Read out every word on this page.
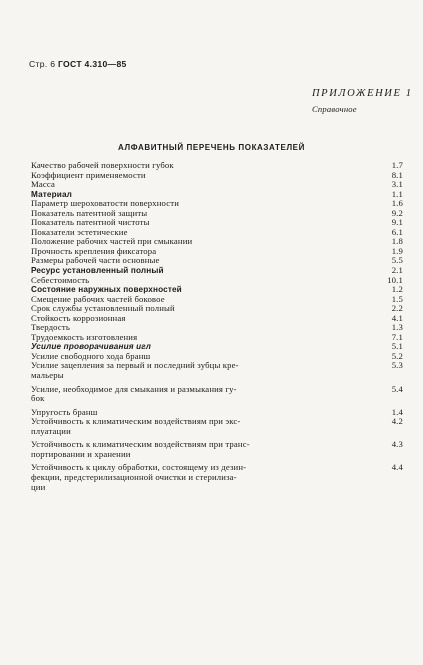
Стр. 6 ГОСТ 4.310—85
ПРИЛОЖЕНИЕ 1
Справочное
АЛФАВИТНЫЙ ПЕРЕЧЕНЬ ПОКАЗАТЕЛЕЙ
Качество рабочей поверхности губок	1.7
Коэффициент применяемости	8.1
Масса	3.1
Материал	1.1
Параметр шероховатости поверхности	1.6
Показатель патентной защиты	9.2
Показатель патентной чистоты	9.1
Показатели эстетические	6.1
Положение рабочих частей при смыкании	1.8
Прочность крепления фиксатора	1.9
Размеры рабочей части основные	5.5
Ресурс установленный полный	2.1
Себестоимость	10.1
Состояние наружных поверхностей	1.2
Смещение рабочих частей боковое	1.5
Срок службы установленный полный	2.2
Стойкость коррозионная	4.1
Твердость	1.3
Трудоемкость изготовления	7.1
Усилие проворачивания игл	5.1
Усилие свободного хода бранш	5.2
Усилие зацепления за первый и последний зубцы кре-
мальеры
5.3
Усилие, необходимое для смыкания и размыкания гу-
бок
5.4
Упругость бранш	1.4
Устойчивость к климатическим воздействиям при экс-
плуатации
4.2
Устойчивость к климатическим воздействиям при транс-
портировании и хранении
4.3
Устойчивость к циклу обработки, состоящему из дезин-
фекции, предстерилизационной очистки и стерилиза-
ции
4.4
